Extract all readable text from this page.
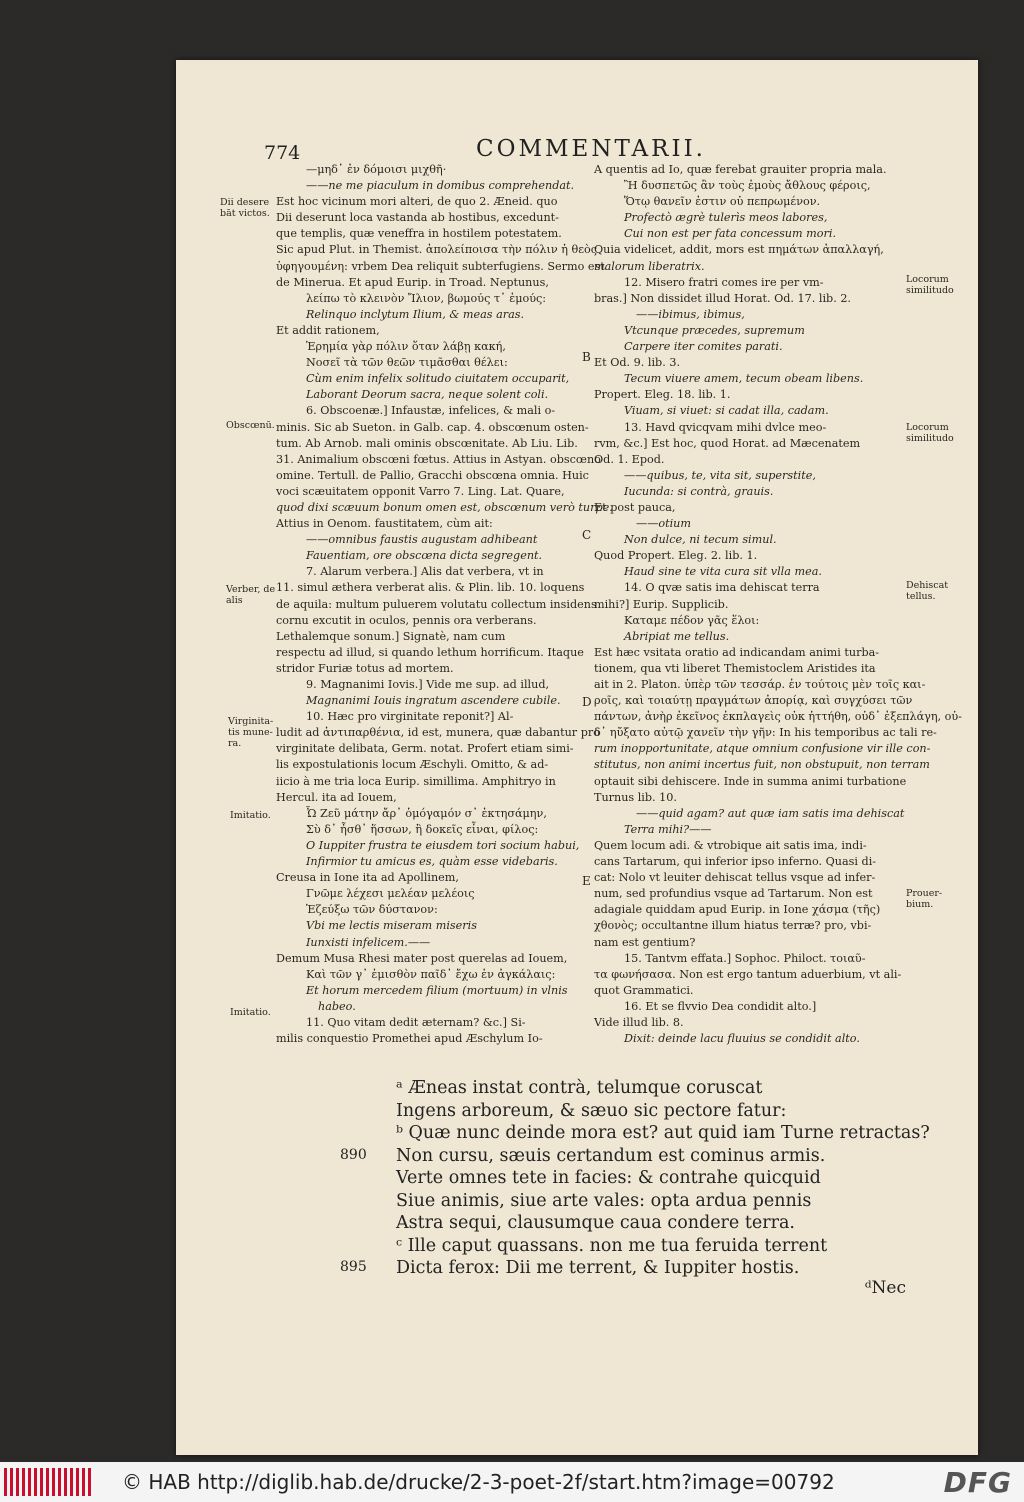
774	COMMENTARII.
—μηδ᾽ ἐν δόμοισι μιχθῆ·
——ne me piaculum in domibus comprehendat.
Est hoc vicinum mori alteri, de quo 2. Æneid. quo
Dii deserunt loca vastanda ab hostibus, excedunt-
que templis, quæ veneffra in hostilem potestatem.
Sic apud Plut. in Themist. ἀπολείποισα τὴν πόλιν ἡ θεὸς
ὑφηγουμένη: vrbem Dea reliquit subterfugiens. Sermo est
de Minerua. Et apud Eurip. in Troad. Neptunus,
λείπω τὸ κλεινὸν Ἴλιον, βωμούς τ᾽ ἐμούς:
Relinquo inclytum Ilium, & meas aras.
Et addit rationem,
Ἐρημία γὰρ πόλιν ὅταν λάβῃ κακή,
Νοσεῖ τὰ τῶν θεῶν τιμᾶσθαι θέλει:
Cùm enim infelix solitudo ciuitatem occuparit,
Laborant Deorum sacra, neque solent coli.
6. Obscoenæ.] Infaustæ, infelices, & mali o-
minis. Sic ab Sueton. in Galb. cap. 4. obscœnum osten-
tum. Ab Arnob. mali ominis obscœnitate. Ab Liu. Lib.
31. Animalium obscœni fœtus. Attius in Astyan. obscœno
omine. Tertull. de Pallio, Gracchi obscœna omnia. Huic
voci scæuitatem opponit Varro 7. Ling. Lat. Quare,
quod dixi scæuum bonum omen est, obscœnum verò turpe.
Attius in Oenom. faustitatem, cùm ait:
——omnibus faustis augustam adhibeant
Fauentiam, ore obscœna dicta segregent.
7. Alarum verbera.] Alis dat verbera, vt in
11. simul æthera verberat alis. & Plin. lib. 10. loquens
de aquila: multum puluerem volutatu collectum insidens
cornu excutit in oculos, pennis ora verberans.
Lethalemque sonum.] Signatè, nam cum
respectu ad illud, si quando lethum horrificum. Itaque
stridor Furiæ totus ad mortem.
9. Magnanimi Iovis.] Vide me sup. ad illud,
Magnanimi Iouis ingratum ascendere cubile.
10. Hæc pro virginitate reponit?] Al-
ludit ad ἀντιπαρθένια, id est, munera, quæ dabantur pro
virginitate delibata, Germ. notat. Profert etiam simi-
lis expostulationis locum Æschyli. Omitto, & ad-
iicio à me tria loca Eurip. simillima. Amphitryo in
Hercul. ita ad Iouem,
Ὦ Ζεῦ μάτην ἄρ᾽ ὁμόγαμόν σ᾽ ἐκτησάμην,
Σὺ δ᾽ ἦσθ᾽ ἥσσων, ἢ δοκεῖς εἶναι, φίλος:
O Iuppiter frustra te eiusdem tori socium habui,
Infirmior tu amicus es, quàm esse videbaris.
Creusa in Ione ita ad Apollinem,
Γνῶμε λέχεσι μελέαν μελέοις
Ἐζεύξω τῶν δύστανον:
Vbi me lectis miseram miseris
Iunxisti infelicem.——
Demum Musa Rhesi mater post querelas ad Iouem,
Καὶ τῶν γ᾽ ἐμισθὸν παῖδ᾽ ἔχω ἐν ἀγκάλαις:
Et horum mercedem filium (mortuum) in vlnis
habeo.
11. Quo vitam dedit æternam? &c.] Si-
milis conquestio Promethei apud Æschylum Io-
A quentis ad Io, quæ ferebat grauiter propria mala.
Ἢ δυσπετῶς ἂν τοὺς ἐμοὺς ἄθλους φέροις,
Ὅτῳ θανεῖν ἐστιν οὐ πεπρωμένον.
Profectò ægrè tulerìs meos labores,
Cui non est per fata concessum mori.
Quia videlicet, addit, mors est πημάτων ἀπαλλαγή,
malorum liberatrix.
12. Misero fratri comes ire per vm-
bras.] Non dissidet illud Horat. Od. 17. lib. 2.
——ibimus, ibimus,
Vtcunque præcedes, supremum
Carpere iter comites parati.
Et Od. 9. lib. 3.
Tecum viuere amem, tecum obeam libens.
Propert. Eleg. 18. lib. 1.
Viuam, si viuet: si cadat illa, cadam.
13. Havd qvicqvam mihi dvlce meo-
rvm, &c.] Est hoc, quod Horat. ad Mæcenatem
Od. 1. Epod.
——quibus, te, vita sit, superstite,
Iucunda: si contrà, grauis.
Et post pauca,
——otium
Non dulce, ni tecum simul.
Quod Propert. Eleg. 2. lib. 1.
Haud sine te vita cura sit vlla mea.
14. O qvæ satis ima dehiscat terra
mihi?] Eurip. Supplicib.
Καταμε πέδον γᾶς ἕλοι:
Abripiat me tellus.
Est hæc vsitata oratio ad indicandam animi turba-
tionem, qua vti liberet Themistoclem Aristides ita
ait in 2. Platon. ὑπὲρ τῶν τεσσάρ. ἐν τούτοις μὲν τοῖς και-
ροῖς, καὶ τοιαύτῃ πραγμάτων ἀπορίᾳ, καὶ συγχύσει τῶν
πάντων, ἀνὴρ ἐκεῖνος ἐκπλαγεὶς οὐκ ἡττήθη, οὐδ᾽ ἐξεπλάγη, οὐ-
δ᾽ ηὔξατο αὐτῷ χανεῖν τὴν γῆν: In his temporibus ac tali re-
rum inopportunitate, atque omnium confusione vir ille con-
stitutus, non animi incertus fuit, non obstupuit, non terram
optauit sibi dehiscere. Inde in summa animi turbatione
Turnus lib. 10.
——quid agam? aut quæ iam satis ima dehiscat
Terra mihi?——
Quem locum adi. & vtrobique ait satis ima, indi-
cans Tartarum, qui inferior ipso inferno. Quasi di-
cat: Nolo vt leuiter dehiscat tellus vsque ad infer-
num, sed profundius vsque ad Tartarum. Non est
adagiale quiddam apud Eurip. in Ione χάσμα (τῆς)
χθονὸς; occultantne illum hiatus terræ? pro, vbi-
nam est gentium?
15. Tantvm effata.] Sophoc. Philoct. τοιαῦ-
τα φωνήσασα. Non est ergo tantum aduerbium, vt ali-
quot Grammatici.
16. Et se flvvio Dea condidit alto.]
Vide illud lib. 8.
Dixit: deinde lacu fluuius se condidit alto.
Dii desere bāt victos.
Obscœnū.
Verber, de alis
Virginita-tis mune-ra.
Imitatio.
Imitatio.
Locorum similitudo
Locorum similitudo
Dehiscat tellus.
Prouer-bium.
B
C
D
E
ᵃ Æneas instat contrà, telumque coruscat
Ingens arboreum, & sæuo sic pectore fatur:
ᵇ Quæ nunc deinde mora est? aut quid iam Turne retractas?
Non cursu, sæuis certandum est cominus armis.
Verte omnes tete in facies: & contrahe quicquid
Siue animis, siue arte vales: opta ardua pennis
Astra sequi, clausumque caua condere terra.
ᶜ Ille caput quassans. non me tua feruida terrent
Dicta ferox: Dii me terrent, & Iuppiter hostis.
890
895
ᵈNec
© HAB http://diglib.hab.de/drucke/2-3-poet-2f/start.htm?image=00792	DFG
